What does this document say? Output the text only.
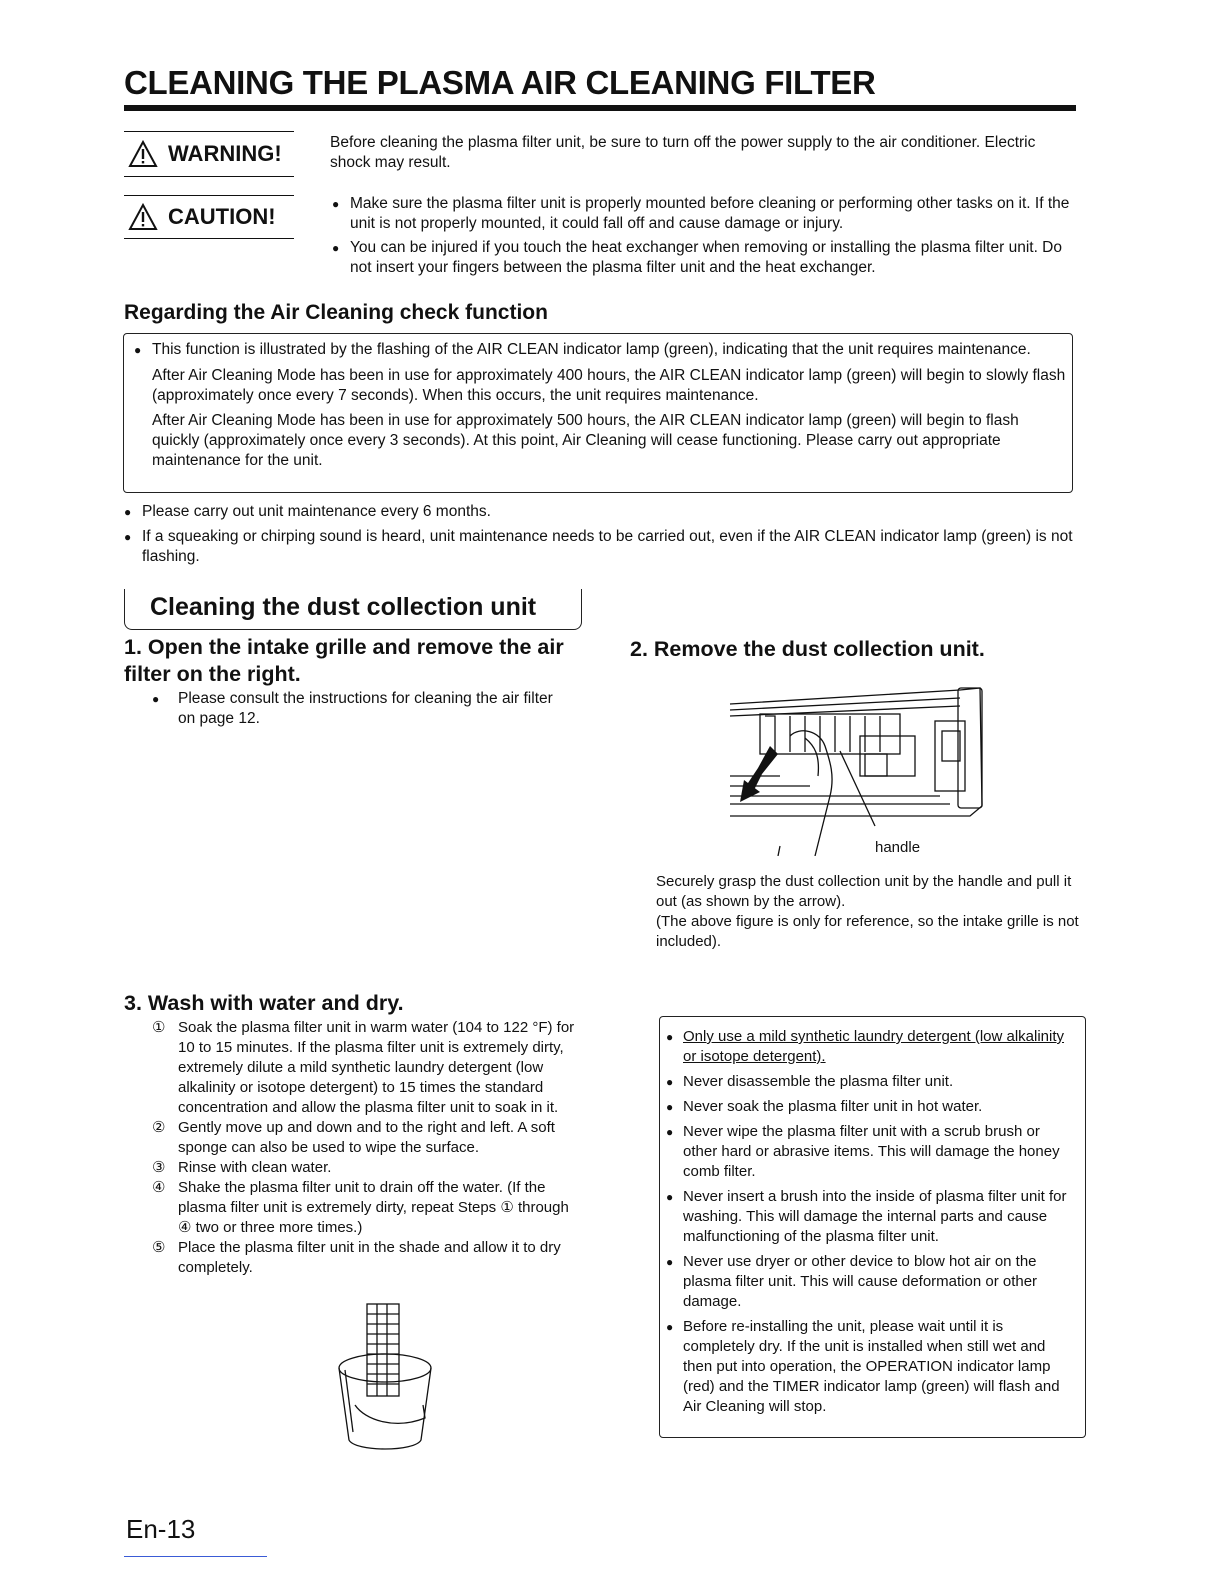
CLEANING THE PLASMA AIR CLEANING FILTER
WARNING!	Before cleaning the plasma filter unit, be sure to turn off the power supply to the air conditioner. Electric shock may result.
CAUTION!
● Make sure the plasma filter unit is properly mounted before cleaning or performing other tasks on it. If the unit is not properly mounted, it could fall off and cause damage or injury.
● You can be injured if you touch the heat exchanger when removing or installing the plasma filter unit. Do not insert your fingers between the plasma filter unit and the heat exchanger.
Regarding the Air Cleaning check function
● This function is illustrated by the flashing of the AIR CLEAN indicator lamp (green), indicating that the unit requires maintenance.
After Air Cleaning Mode has been in use for approximately 400 hours, the AIR CLEAN indicator lamp (green) will begin to slowly flash (approximately once every 7 seconds). When this occurs, the unit requires maintenance.
After Air Cleaning Mode has been in use for approximately 500 hours, the AIR CLEAN indicator lamp (green) will begin to flash quickly (approximately once every 3 seconds). At this point, Air Cleaning will cease functioning. Please carry out appropriate maintenance for the unit.
● Please carry out unit maintenance every 6 months.
● If a squeaking or chirping sound is heard, unit maintenance needs to be carried out, even if the AIR CLEAN indicator lamp (green) is not flashing.
Cleaning the dust collection unit
1. Open the intake grille and remove the air filter on the right.
● Please consult the instructions for cleaning the air filter on page 12.
2. Remove the dust collection unit.
handle
Securely grasp the dust collection unit by the handle and pull it out (as shown by the arrow).
(The above figure is only for reference, so the intake grille is not included).
3. Wash with water and dry.
① Soak the plasma filter unit in warm water (104 to 122 °F) for 10 to 15 minutes. If the plasma filter unit is extremely dirty, extremely dilute a mild synthetic laundry detergent (low alkalinity or isotope detergent) to 15 times the standard concentration and allow the plasma filter unit to soak in it.
② Gently move up and down and to the right and left. A soft sponge can also be used to wipe the surface.
③ Rinse with clean water.
④ Shake the plasma filter unit to drain off the water. (If the plasma filter unit is extremely dirty, repeat Steps ① through ④ two or three more times.)
⑤ Place the plasma filter unit in the shade and allow it to dry completely.
● Only use a mild synthetic laundry detergent (low alkalinity or isotope detergent).
● Never disassemble the plasma filter unit.
● Never soak the plasma filter unit in hot water.
● Never wipe the plasma filter unit with a scrub brush or other hard or abrasive items. This will damage the honey comb filter.
● Never insert a brush into the inside of plasma filter unit for washing. This will damage the internal parts and cause malfunctioning of the plasma filter unit.
● Never use dryer or other device to blow hot air on the plasma filter unit. This will cause deformation or other damage.
● Before re-installing the unit, please wait until it is completely dry. If the unit is installed when still wet and then put into operation, the OPERATION indicator lamp (red) and the TIMER indicator lamp (green) will flash and Air Cleaning will stop.
En-13
